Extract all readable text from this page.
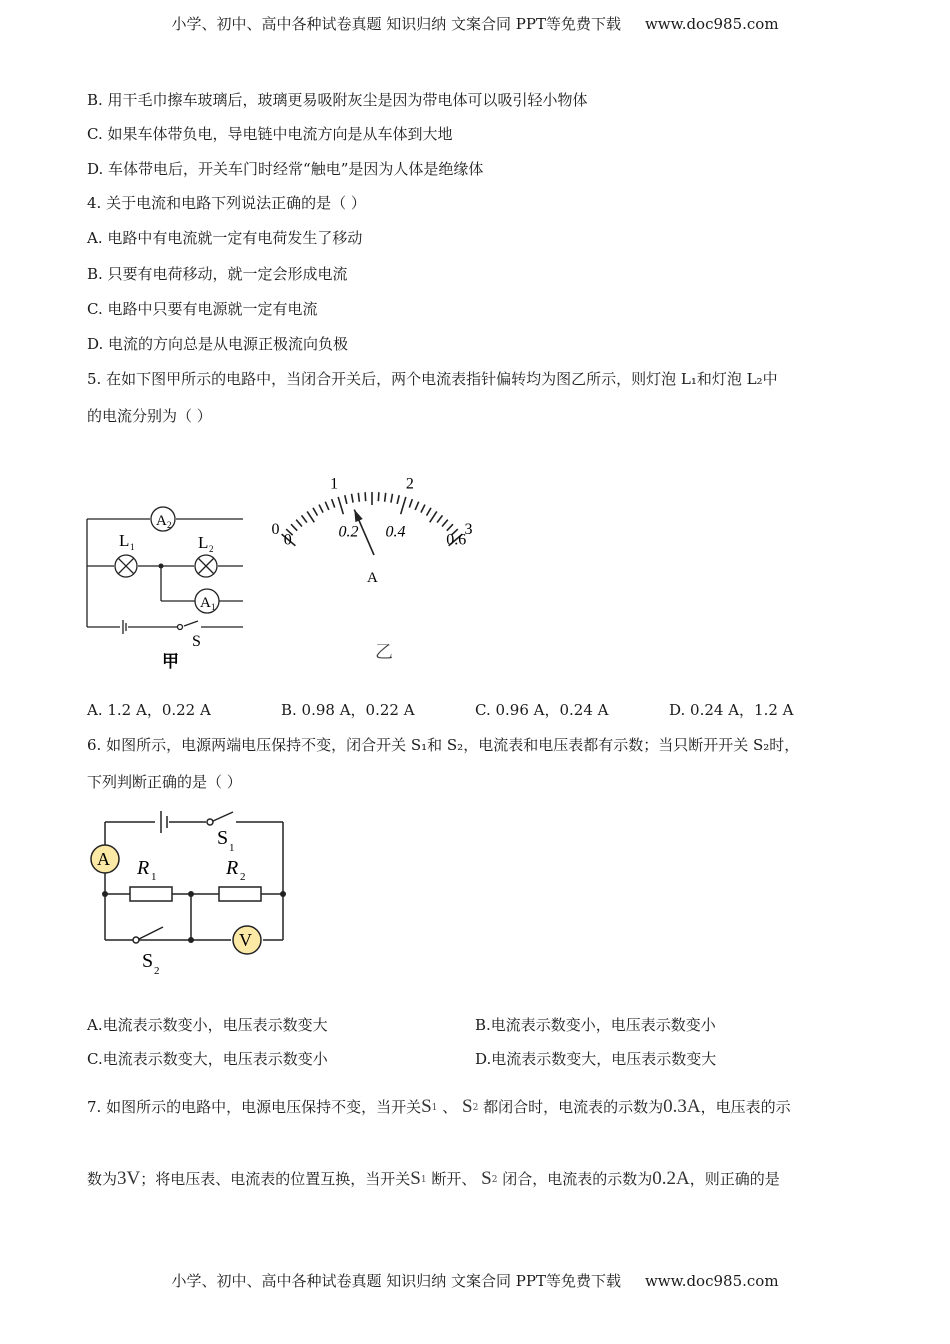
小学、初中、高中各种试卷真题 知识归纳 文案合同 PPT等免费下载 www.doc985.com
B. 用干毛巾擦车玻璃后，玻璃更易吸附灰尘是因为带电体可以吸引轻小物体
C. 如果车体带负电，导电链中电流方向是从车体到大地
D. 车体带电后，开关车门时经常“触电”是因为人体是绝缘体
4. 关于电流和电路下列说法正确的是（ ）
A. 电路中有电流就一定有电荷发生了移动
B. 只要有电荷移动，就一定会形成电流
C. 电路中只要有电源就一定有电流
D. 电流的方向总是从电源正极流向负极
5. 在如下图甲所示的电路中，当闭合开关后，两个电流表指针偏转均为图乙所示，则灯泡 L₁和灯泡 L₂中
的电流分别为（ ）
A 2
A 1
L 1	L 2
S
甲
0
1	2
3
0	0.2 0.4	0.6
A
乙
A. 1.2 A，0.22 A	B. 0.98 A，0.22 A	C. 0.96 A，0.24 A	D. 0.24 A，1.2 A
6. 如图所示，电源两端电压保持不变，闭合开关 S₁和 S₂，电流表和电压表都有示数；当只断开开关 S₂时，
下列判断正确的是（ ）
A
V
R 1	R 2
S 1
S 2
A.电流表示数变小，电压表示数变大	B.电流表示数变小，电压表示数变小
C.电流表示数变大，电压表示数变小	D.电流表示数变大，电压表示数变大
7. 如图所示的电路中，电源电压保持不变，当开关S1 、 S2 都闭合时，电流表的示数为0.3A，电压表的示
数为3V；将电压表、电流表的位置互换，当开关S1 断开、 S2 闭合，电流表的示数为0.2A，则正确的是
小学、初中、高中各种试卷真题 知识归纳 文案合同 PPT等免费下载 www.doc985.com
